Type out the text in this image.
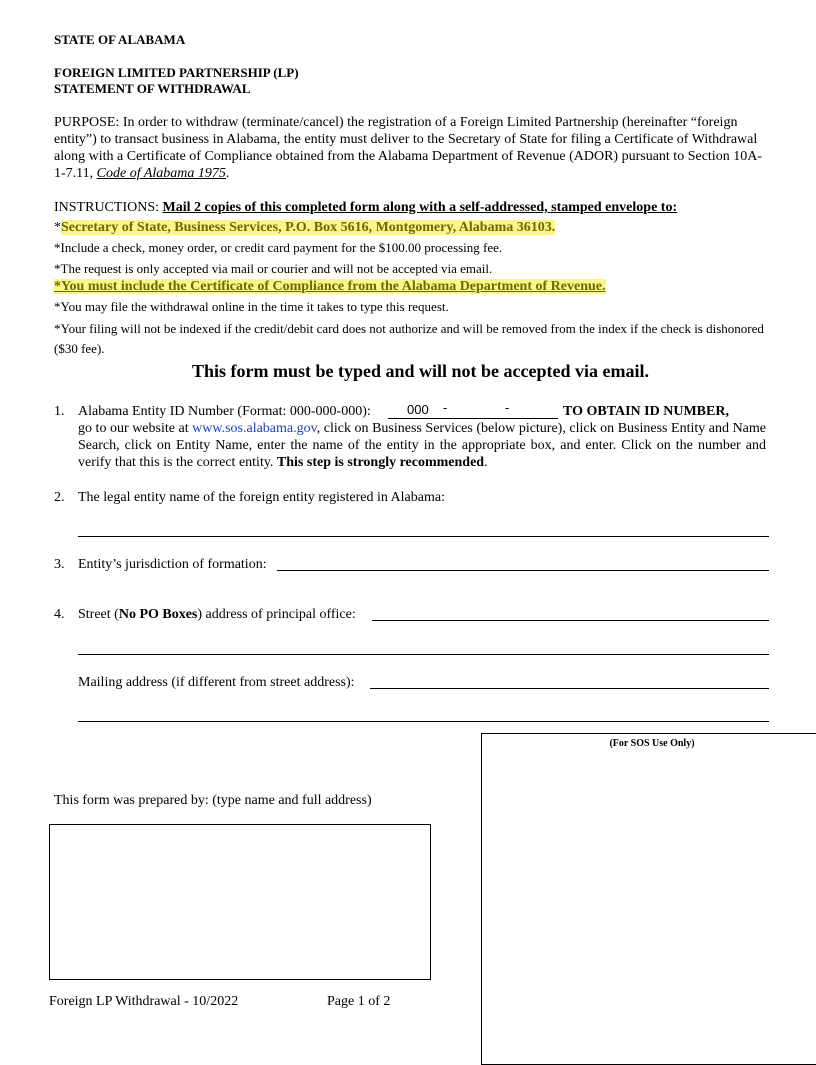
STATE OF ALABAMA
FOREIGN LIMITED PARTNERSHIP (LP)
STATEMENT OF WITHDRAWAL
PURPOSE: In order to withdraw (terminate/cancel) the registration of a Foreign Limited Partnership (hereinafter “foreign entity”) to transact business in Alabama, the entity must deliver to the Secretary of State for filing a Certificate of Withdrawal along with a Certificate of Compliance obtained from the Alabama Department of Revenue (ADOR) pursuant to Section 10A-1-7.11, Code of Alabama 1975.
INSTRUCTIONS: Mail 2 copies of this completed form along with a self-addressed, stamped envelope to:
*Secretary of State, Business Services, P.O. Box 5616, Montgomery, Alabama 36103.
*Include a check, money order, or credit card payment for the $100.00 processing fee.
*The request is only accepted via mail or courier and will not be accepted via email.
*You must include the Certificate of Compliance from the Alabama Department of Revenue.
*You may file the withdrawal online in the time it takes to type this request.
*Your filing will not be indexed if the credit/debit card does not authorize and will be removed from the index if the check is dishonored ($30 fee).
This form must be typed and will not be accepted via email.
1. Alabama Entity ID Number (Format: 000-000-000):	000 -	-	TO OBTAIN ID NUMBER,
go to our website at www.sos.alabama.gov, click on Business Services (below picture), click on Business Entity and Name Search, click on Entity Name, enter the name of the entity in the appropriate box, and enter. Click on the number and verify that this is the correct entity. This step is strongly recommended.
2. The legal entity name of the foreign entity registered in Alabama:
3. Entity’s jurisdiction of formation:
4. Street (No PO Boxes) address of principal office:
Mailing address (if different from street address):
(For SOS Use Only)
This form was prepared by: (type name and full address)
Foreign LP Withdrawal - 10/2022	Page 1 of 2
